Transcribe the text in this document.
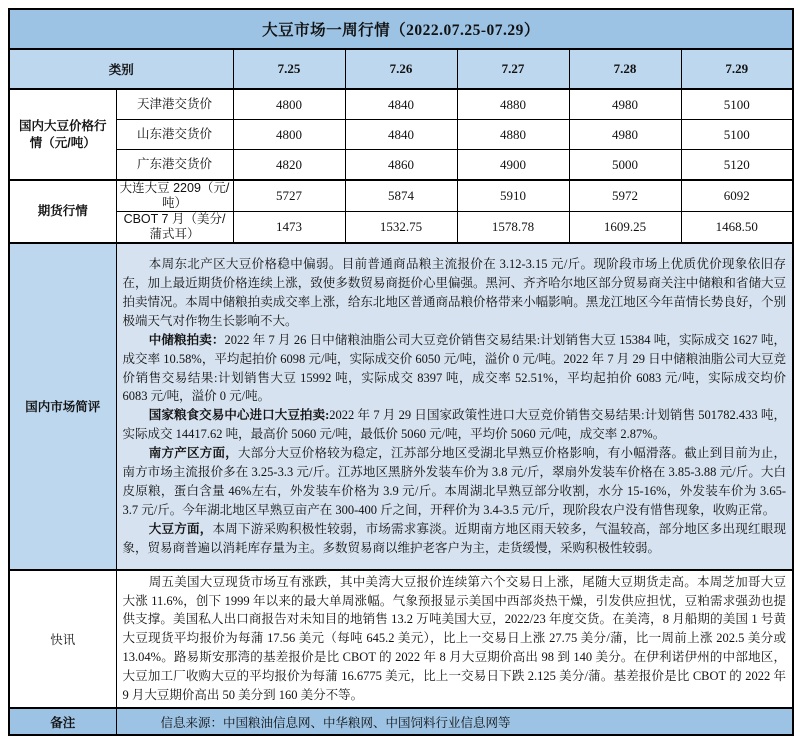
大豆市场一周行情（2022.07.25-07.29）						
类别		7.25	7.26	7.27	7.28	7.29
国内大豆价格行情（元/吨）	天津港交货价	4800	4840	4880	4980	5100
	山东港交货价	4800	4840	4880	4980	5100
	广东港交货价	4820	4860	4900	5000	5120
期货行情	大连大豆 2209（元/吨）	5727	5874	5910	5972	6092
	CBOT 7 月（美分/蒲式耳）	1473	1532.75	1578.78	1609.25	1468.50
国内市场简评	本周东北产区大豆价格稳中偏弱。目前普通商品粮主流报价在 3.12-3.15 元/斤。现阶段市场上优质优价现象依旧存在，加上最近期货价格连续上涨，致使多数贸易商挺价心里偏强。黑河、齐齐哈尔地区部分贸易商关注中储粮和省储大豆拍卖情况。本周中储粮拍卖成交率上涨，给东北地区普通商品粮价格带来小幅影响。黑龙江地区今年苗情长势良好，个别极端天气对作物生长影响不大。

中储粮拍卖：2022 年 7 月 26 日中储粮油脂公司大豆竞价销售交易结果:计划销售大豆 15384 吨，实际成交 1627 吨，成交率 10.58%，平均起拍价 6098 元/吨，实际成交价 6050 元/吨，溢价 0 元/吨。2022 年 7 月 29 日中储粮油脂公司大豆竞价销售交易结果:计划销售大豆 15992 吨，实际成交 8397 吨，成交率 52.51%，平均起拍价 6083 元/吨，实际成交均价 6083 元/吨，溢价 0 元/吨。

国家粮食交易中心进口大豆拍卖:2022 年 7 月 29 日国家政策性进口大豆竞价销售交易结果:计划销售 501782.433 吨，实际成交 14417.62 吨，最高价 5060 元/吨，最低价 5060 元/吨，平均价 5060 元/吨，成交率 2.87%。

南方产区方面，大部分大豆价格较为稳定，江苏部分地区受湖北早熟豆价格影响，有小幅滑落。截止到目前为止，南方市场主流报价多在 3.25-3.3 元/斤。江苏地区黑脐外发装车价为 3.8 元/斤，翠扇外发装车价格在 3.85-3.88 元/斤。大白皮原粮，蛋白含量 46%左右，外发装车价格为 3.9 元/斤。本周湖北早熟豆部分收割，水分 15-16%，外发装车价为 3.65-3.7 元/斤。今年湖北地区早熟豆亩产在 300-400 斤之间，开秤价为 3.4-3.5 元/斤，现阶段农户没有惜售现象，收购正常。

大豆方面，本周下游采购积极性较弱，市场需求寡淡。近期南方地区雨天较多，气温较高，部分地区多出现红眼现象，贸易商普遍以消耗库存量为主。多数贸易商以维护老客户为主，走货缓慢，采购积极性较弱。					

快讯	周五美国大豆现货市场互有涨跌，其中美湾大豆报价连续第六个交易日上涨，尾随大豆期货走高。本周芝加哥大豆大涨 11.6%，创下 1999 年以来的最大单周涨幅。气象预报显示美国中西部炎热干燥，引发供应担忧，豆粕需求强劲也提供支撑。美国私人出口商报告对未知目的地销售 13.2 万吨美国大豆，2022/23 年度交货。在美湾，8 月船期的美国 1 号黄大豆现货平均报价为每蒲 17.56 美元（每吨 645.2 美元），比上一交易日上涨 27.75 美分/蒲，比一周前上涨 202.5 美分或 13.04%。路易斯安那湾的基差报价是比 CBOT 的 2022 年 8 月大豆期价高出 98 到 140 美分。在伊利诺伊州的中部地区，大豆加工厂收购大豆的平均报价为每蒲 16.6775 美元，比上一交易日下跌 2.125 美分/蒲。基差报价是比 CBOT 的 2022 年 9 月大豆期价高出 50 美分到 160 美分不等。					

备注	信息来源：中国粮油信息网、中华粮网、中国饲料行业信息网等					
